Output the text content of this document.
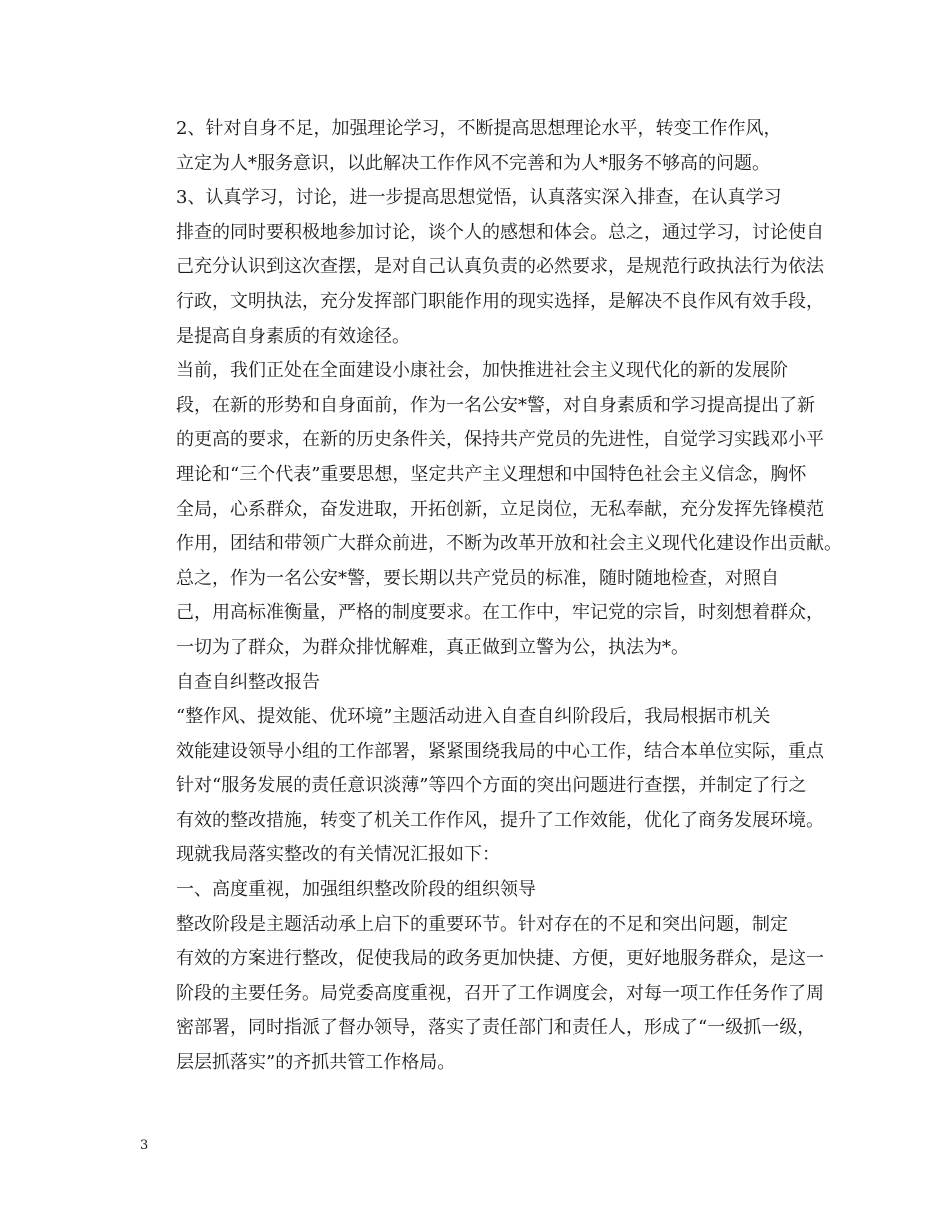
2、针对自身不足，加强理论学习，不断提高思想理论水平，转变工作作风，
立定为人*服务意识，以此解决工作作风不完善和为人*服务不够高的问题。

3、认真学习，讨论，进一步提高思想觉悟，认真落实深入排查，在认真学习
排查的同时要积极地参加讨论，谈个人的感想和体会。总之，通过学习，讨论使自
己充分认识到这次查摆，是对自己认真负责的必然要求，是规范行政执法行为依法
行政，文明执法，充分发挥部门职能作用的现实选择，是解决不良作风有效手段，
是提高自身素质的有效途径。

当前，我们正处在全面建设小康社会，加快推进社会主义现代化的新的发展阶
段，在新的形势和自身面前，作为一名公安*警，对自身素质和学习提高提出了新
的更高的要求，在新的历史条件关，保持共产党员的先进性，自觉学习实践邓小平
理论和“三个代表”重要思想，坚定共产主义理想和中国特色社会主义信念，胸怀
全局，心系群众，奋发进取，开拓创新，立足岗位，无私奉献，充分发挥先锋模范
作用，团结和带领广大群众前进，不断为改革开放和社会主义现代化建设作出贡献。

总之，作为一名公安*警，要长期以共产党员的标准，随时随地检查，对照自
己，用高标准衡量，严格的制度要求。在工作中，牢记党的宗旨，时刻想着群众，
一切为了群众，为群众排忧解难，真正做到立警为公，执法为*。

自查自纠整改报告

“整作风、提效能、优环境”主题活动进入自查自纠阶段后，我局根据市机关
效能建设领导小组的工作部署，紧紧围绕我局的中心工作，结合本单位实际，重点
针对“服务发展的责任意识淡薄”等四个方面的突出问题进行查摆，并制定了行之
有效的整改措施，转变了机关工作作风，提升了工作效能，优化了商务发展环境。
现就我局落实整改的有关情况汇报如下：

一、高度重视，加强组织整改阶段的组织领导

整改阶段是主题活动承上启下的重要环节。针对存在的不足和突出问题，制定
有效的方案进行整改，促使我局的政务更加快捷、方便，更好地服务群众，是这一
阶段的主要任务。局党委高度重视，召开了工作调度会，对每一项工作任务作了周
密部署，同时指派了督办领导，落实了责任部门和责任人，形成了“一级抓一级，
层层抓落实”的齐抓共管工作格局。

3
